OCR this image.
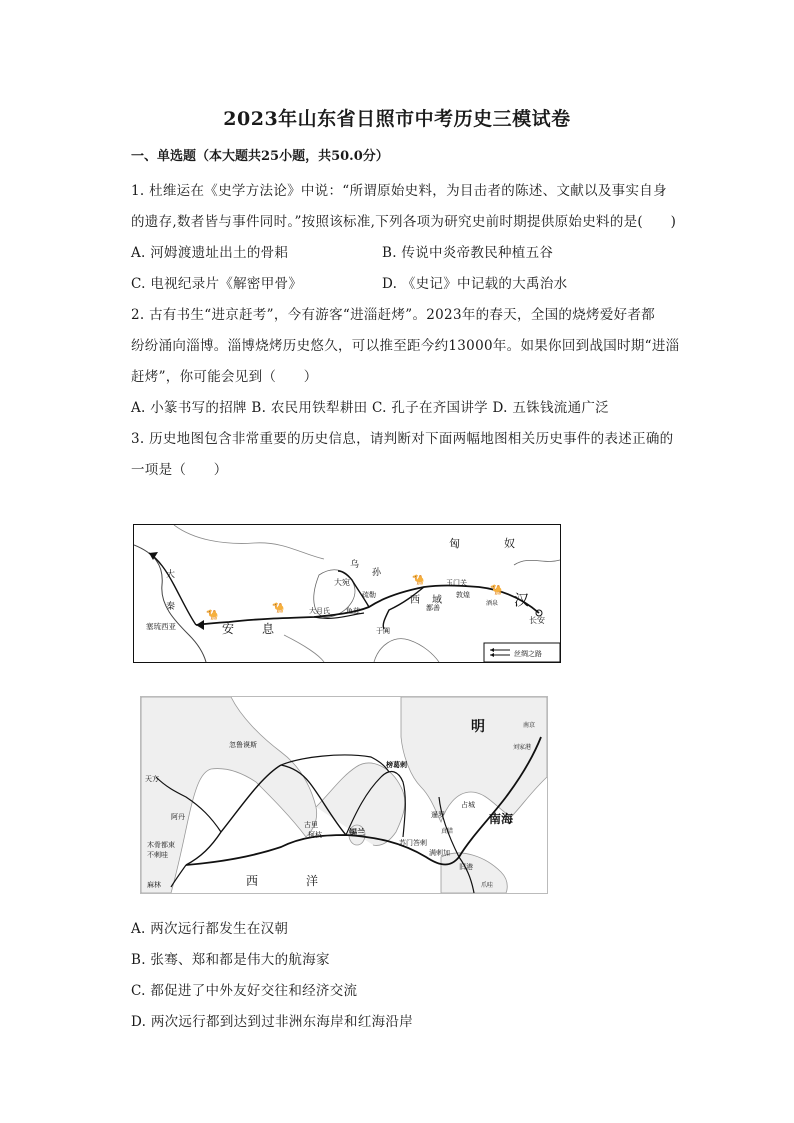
2023年山东省日照市中考历史三模试卷
一、单选题（本大题共25小题，共50.0分）
1. 杜维运在《史学方法论》中说：“所谓原始史料，为目击者的陈述、文献以及事实自身
的遗存,数者皆与事件同时。”按照该标准,下列各项为研究史前时期提供原始史料的是(　　)
A. 河姆渡遗址出土的骨耜	B. 传说中炎帝教民种植五谷
C. 电视纪录片《解密甲骨》	D. 《史记》中记载的大禹治水
2. 古有书生“进京赶考”，今有游客“进淄赶烤”。2023年的春天，全国的烧烤爱好者都
纷纷涌向淄博。淄博烧烤历史悠久，可以推至距今约13000年。如果你回到战国时期“进淄
赶烤”，你可能会见到（　　）
A. 小篆书写的招牌 B. 农民用铁犁耕田 C. 孔子在齐国讲学 D. 五铢钱流通广泛
3. 历史地图包含非常重要的历史信息，请判断对下面两幅地图相关历史事件的表述正确的
一项是（　　）
🐪
🐪
🐪
🐪
匈	奴
汉
长安
大
秦
塞琉西亚	安 息
大宛
乌
孙
疏勒	西 域
玉门关
敦煌
大月氏 龟兹	鄯善
于阗
酒泉
丝绸之路
明
南海
西	洋
忽鲁谟斯
古里
柯枝	锡兰
榜葛剌
暹罗
占城
满剌加
旧港
天方
阿丹
木骨都束
不剌哇
麻林
苏门答剌
南京
真腊
刘家港
爪哇
A. 两次远行都发生在汉朝
B. 张骞、郑和都是伟大的航海家
C. 都促进了中外友好交往和经济交流
D. 两次远行都到达到过非洲东海岸和红海沿岸
